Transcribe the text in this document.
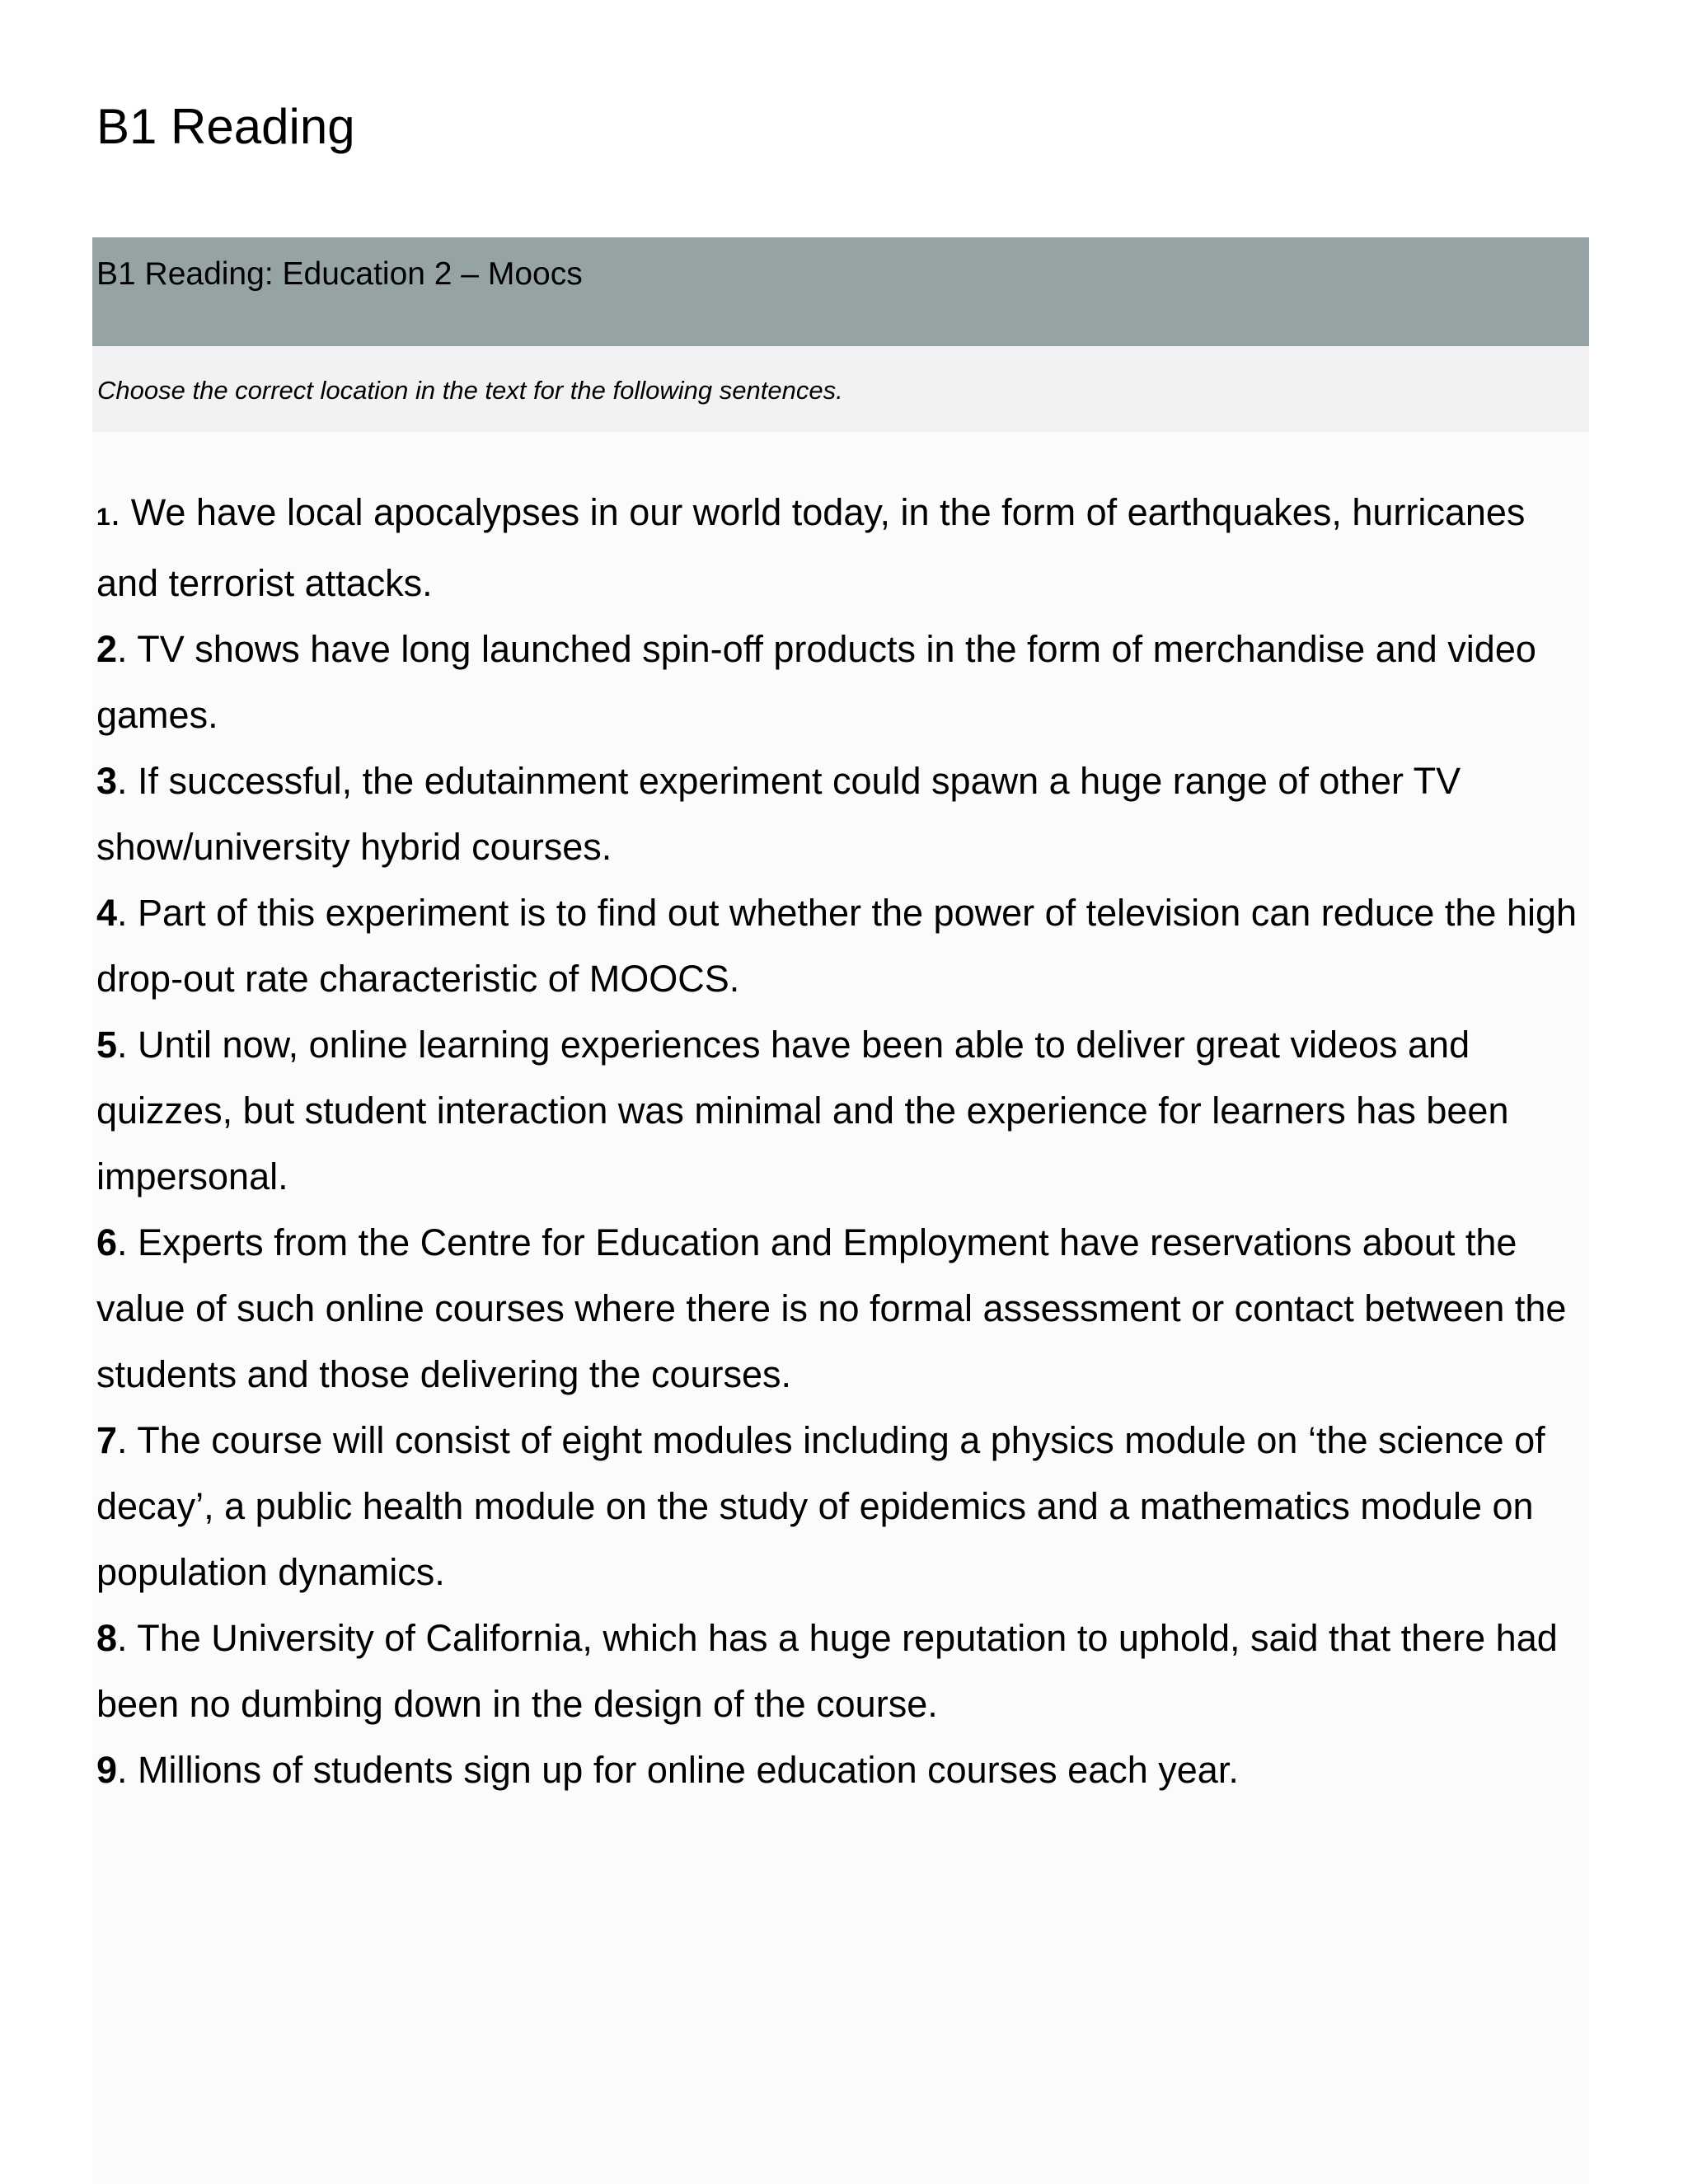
B1 Reading
B1 Reading: Education 2 – Moocs
Choose the correct location in the text for the following sentences.
1. We have local apocalypses in our world today, in the form of earthquakes, hurricanes and terrorist attacks.
2. TV shows have long launched spin-off products in the form of merchandise and video games.
3. If successful, the edutainment experiment could spawn a huge range of other TV show/university hybrid courses.
4. Part of this experiment is to find out whether the power of television can reduce the high drop-out rate characteristic of MOOCS.
5. Until now, online learning experiences have been able to deliver great videos and quizzes, but student interaction was minimal and the experience for learners has been impersonal.
6. Experts from the Centre for Education and Employment have reservations about the value of such online courses where there is no formal assessment or contact between the students and those delivering the courses.
7. The course will consist of eight modules including a physics module on ‘the science of decay’, a public health module on the study of epidemics and a mathematics module on population dynamics.
8. The University of California, which has a huge reputation to uphold, said that there had been no dumbing down in the design of the course.
9. Millions of students sign up for online education courses each year.
